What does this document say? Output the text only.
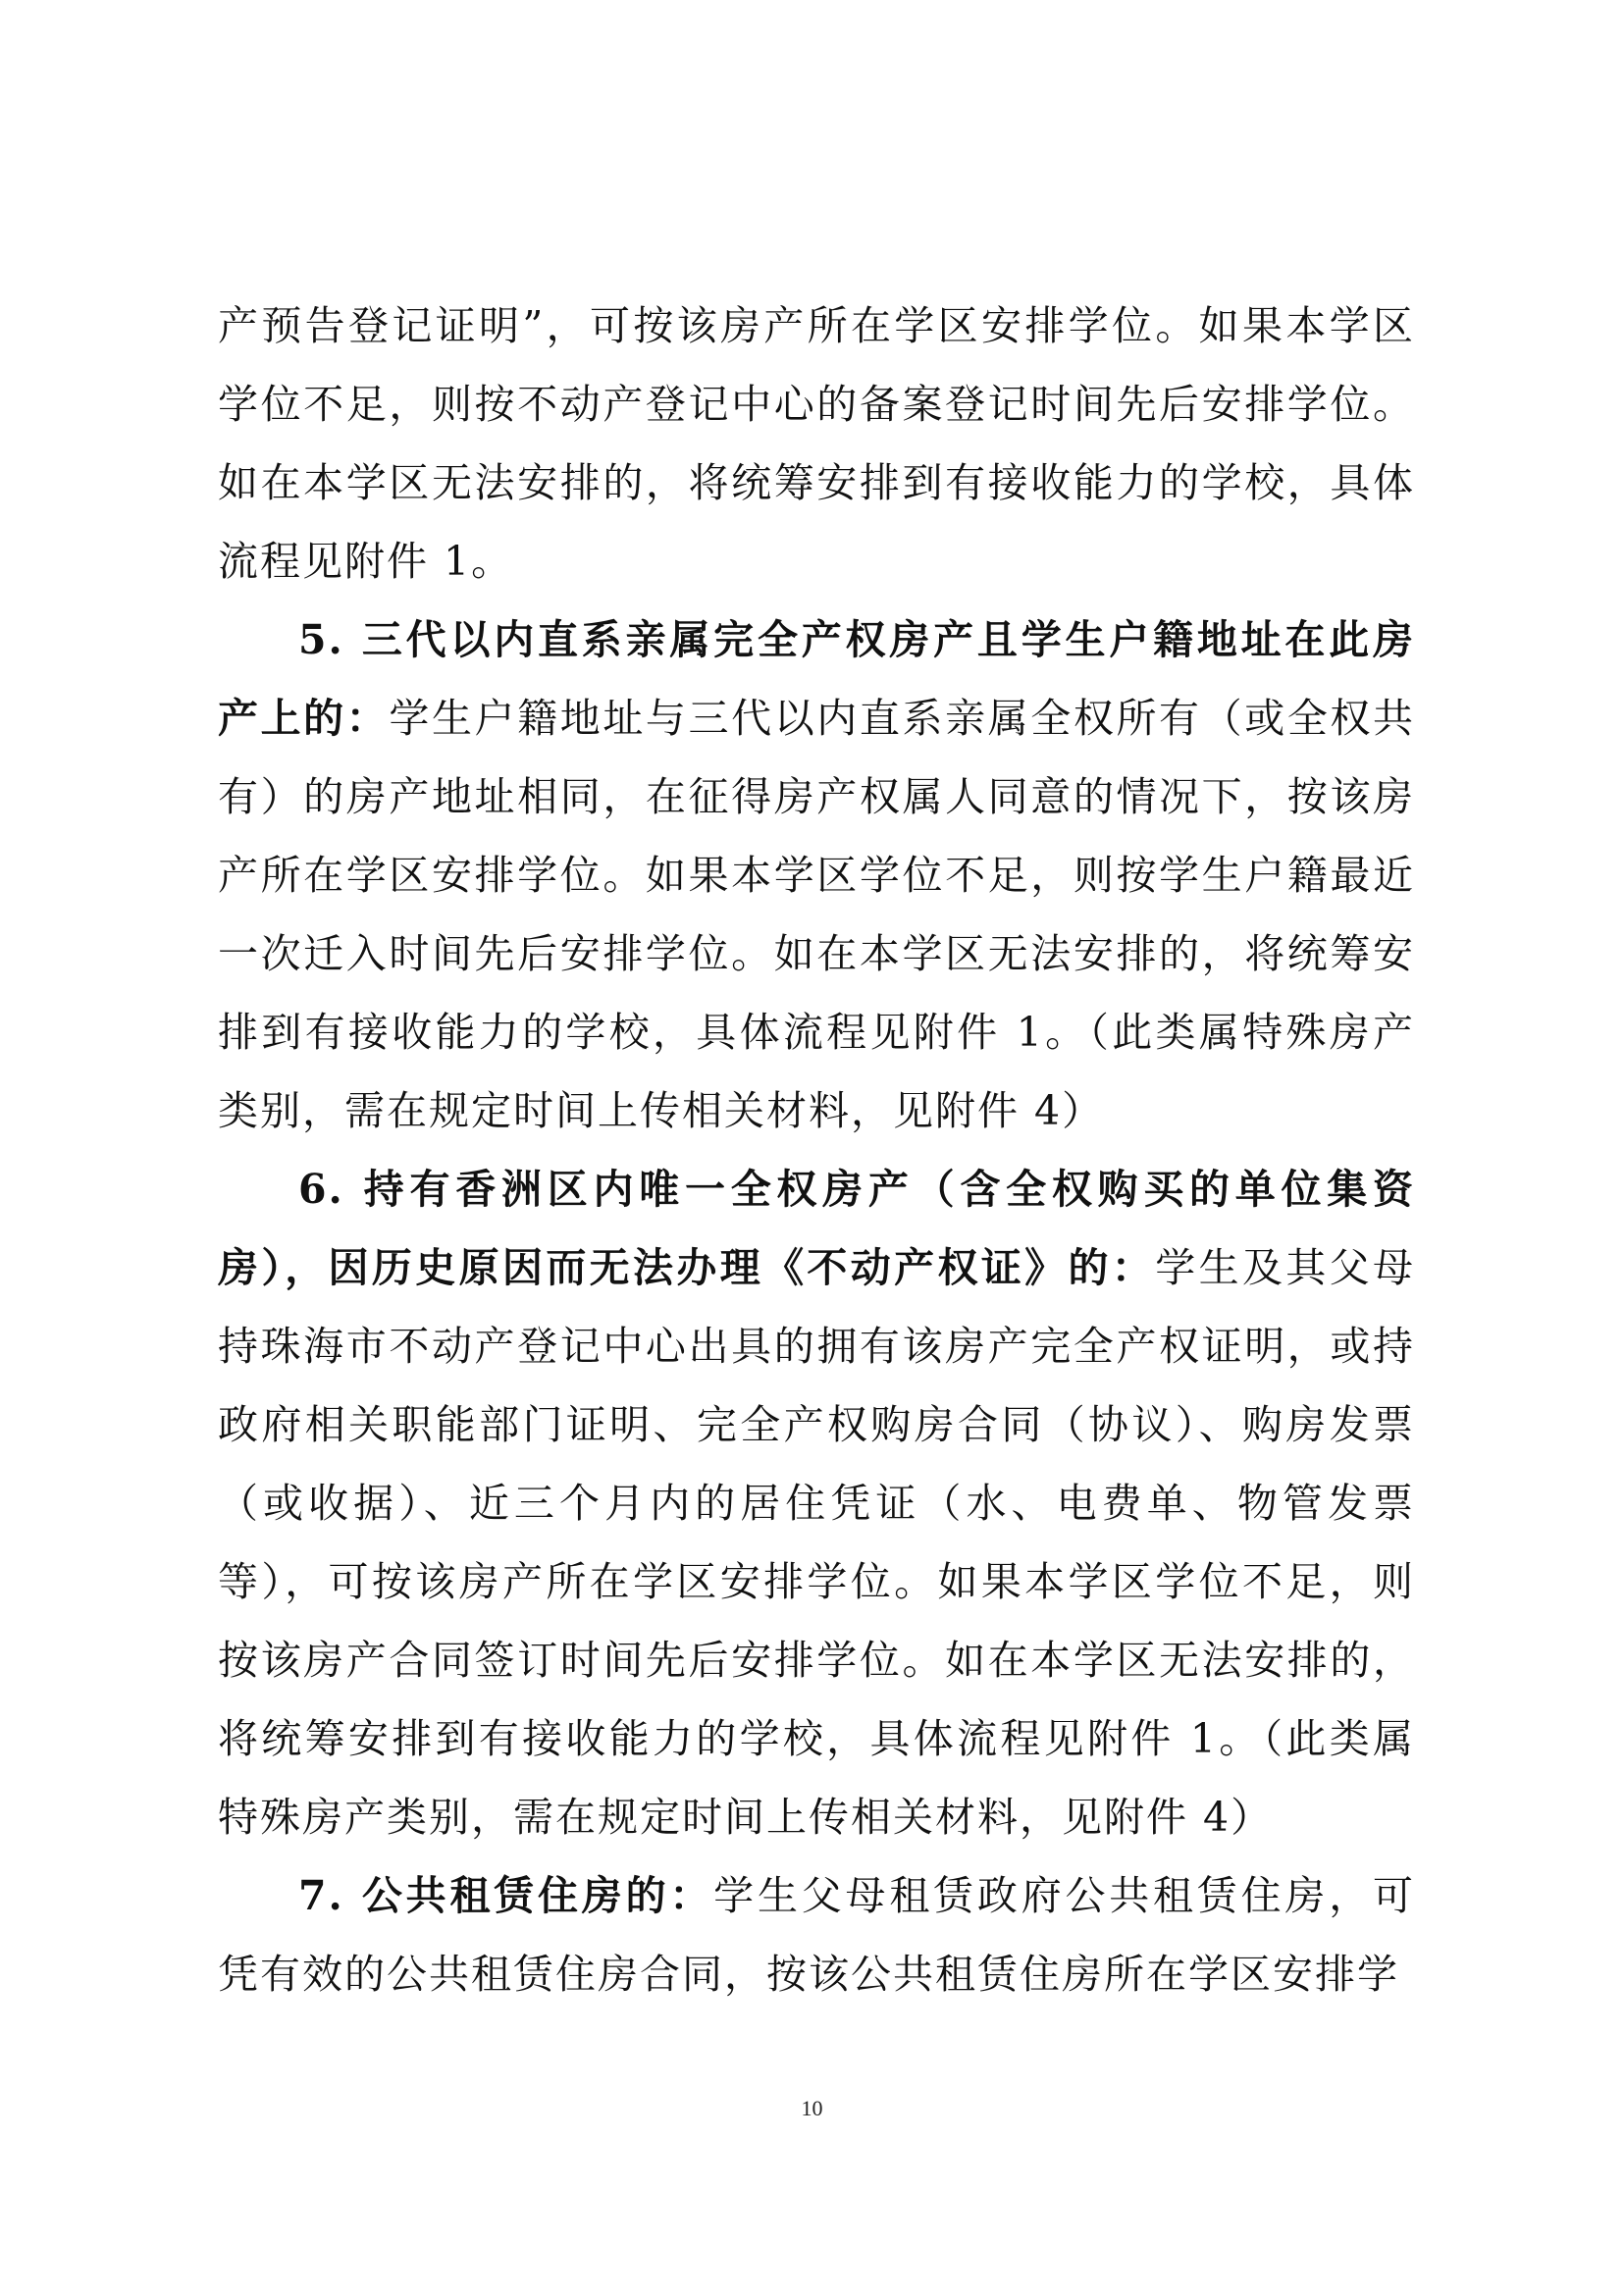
产预告登记证明”，可按该房产所在学区安排学位。如果本学区学位不足，则按不动产登记中心的备案登记时间先后安排学位。如在本学区无法安排的，将统筹安排到有接收能力的学校，具体流程见附件 1。

5. 三代以内直系亲属完全产权房产且学生户籍地址在此房产上的：学生户籍地址与三代以内直系亲属全权所有（或全权共有）的房产地址相同，在征得房产权属人同意的情况下，按该房产所在学区安排学位。如果本学区学位不足，则按学生户籍最近一次迁入时间先后安排学位。如在本学区无法安排的，将统筹安排到有接收能力的学校，具体流程见附件 1。（此类属特殊房产类别，需在规定时间上传相关材料，见附件 4）

6. 持有香洲区内唯一全权房产（含全权购买的单位集资房），因历史原因而无法办理《不动产权证》的：学生及其父母持珠海市不动产登记中心出具的拥有该房产完全产权证明，或持政府相关职能部门证明、完全产权购房合同（协议）、购房发票（或收据）、近三个月内的居住凭证（水、电费单、物管发票等），可按该房产所在学区安排学位。如果本学区学位不足，则按该房产合同签订时间先后安排学位。如在本学区无法安排的，将统筹安排到有接收能力的学校，具体流程见附件 1。（此类属特殊房产类别，需在规定时间上传相关材料，见附件 4）

7. 公共租赁住房的：学生父母租赁政府公共租赁住房，可凭有效的公共租赁住房合同，按该公共租赁住房所在学区安排学

10
